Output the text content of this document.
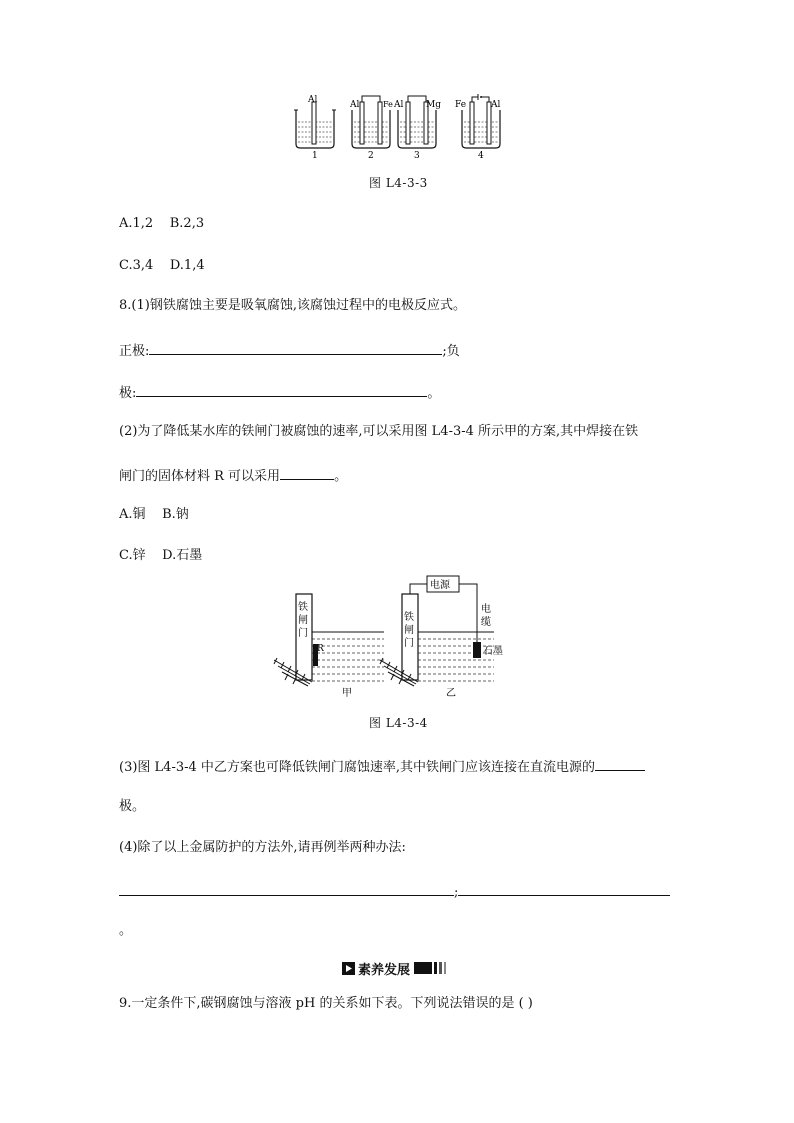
Al
1
Al	Fe
2
Al	Mg
3
Fe	Al
4
图 L4-3-3
A.1,2 B.2,3
C.3,4 D.1,4
8.(1)钢铁腐蚀主要是吸氧腐蚀,该腐蚀过程中的电极反应式。
正极:	;负
极:	。
(2)为了降低某水库的铁闸门被腐蚀的速率,可以采用图 L4-3-4 所示甲的方案,其中焊接在铁
闸门的固体材料 R 可以采用	。
A.铜 B.钠
C.锌 D.石墨
铁
闸
门
铁
闸
门
R
电源
电
缆
石墨
甲	乙
图 L4-3-4
(3)图 L4-3-4 中乙方案也可降低铁闸门腐蚀速率,其中铁闸门应该连接在直流电源的
极。
(4)除了以上金属防护的方法外,请再例举两种办法:
;
。
素养发展
9.一定条件下,碳钢腐蚀与溶液 pH 的关系如下表。下列说法错误的是 ( )
